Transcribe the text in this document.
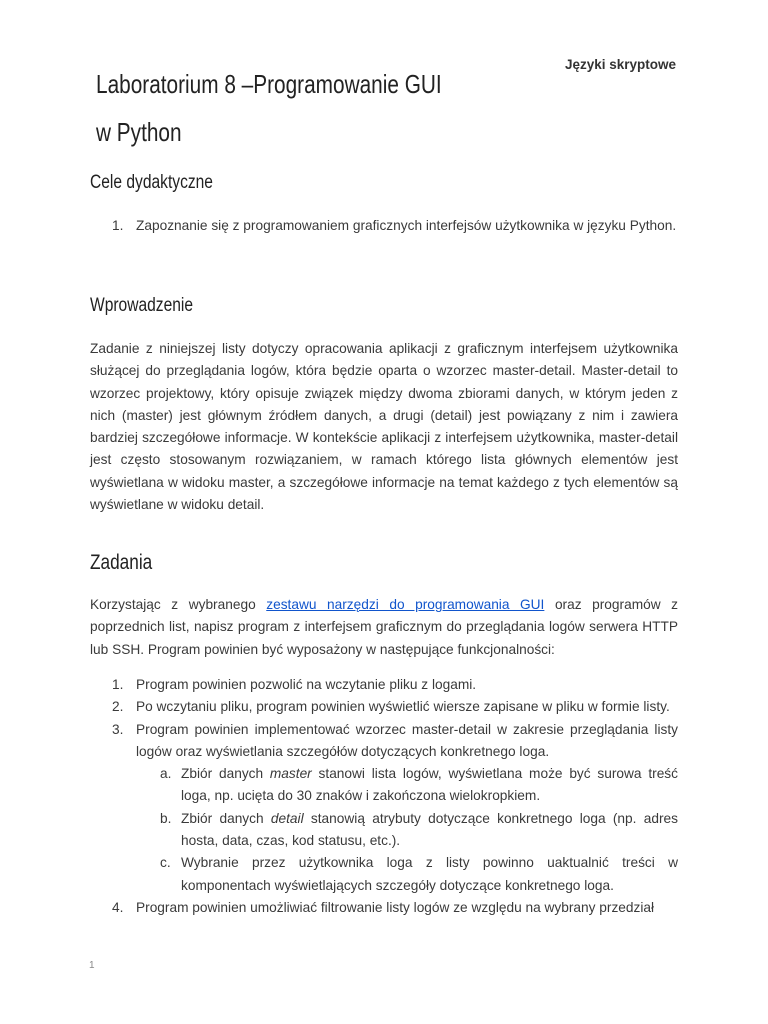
Języki skryptowe
Laboratorium 8 –Programowanie GUI
w Python
Cele dydaktyczne
1. Zapoznanie się z programowaniem graficznych interfejsów użytkownika w języku Python.
Wprowadzenie

Zadanie z niniejszej listy dotyczy opracowania aplikacji z graficznym interfejsem użytkownika służącej do przeglądania logów, która będzie oparta o wzorzec master-detail. Master-detail to wzorzec projektowy, który opisuje związek między dwoma zbiorami danych, w którym jeden z nich (master) jest głównym źródłem danych, a drugi (detail) jest powiązany z nim i zawiera bardziej szczegółowe informacje. W kontekście aplikacji z interfejsem użytkownika, master-detail jest często stosowanym rozwiązaniem, w ramach którego lista głównych elementów jest wyświetlana w widoku master, a szczegółowe informacje na temat każdego z tych elementów są wyświetlane w widoku detail.

Zadania

Korzystając z wybranego zestawu narzędzi do programowania GUI oraz programów z poprzednich list, napisz program z interfejsem graficznym do przeglądania logów serwera HTTP lub SSH. Program powinien być wyposażony w następujące funkcjonalności:

1. Program powinien pozwolić na wczytanie pliku z logami.
2. Po wczytaniu pliku, program powinien wyświetlić wiersze zapisane w pliku w formie listy.
3. Program powinien implementować wzorzec master-detail w zakresie przeglądania listy logów oraz wyświetlania szczegółów dotyczących konkretnego loga.
a. Zbiór danych master stanowi lista logów, wyświetlana może być surowa treść loga, np. ucięta do 30 znaków i zakończona wielokropkiem.
b. Zbiór danych detail stanowią atrybuty dotyczące konkretnego loga (np. adres hosta, data, czas, kod statusu, etc.).
c. Wybranie przez użytkownika loga z listy powinno uaktualnić treści w komponentach wyświetlających szczegóły dotyczące konkretnego loga.
4. Program powinien umożliwiać filtrowanie listy logów ze względu na wybrany przedział
1
